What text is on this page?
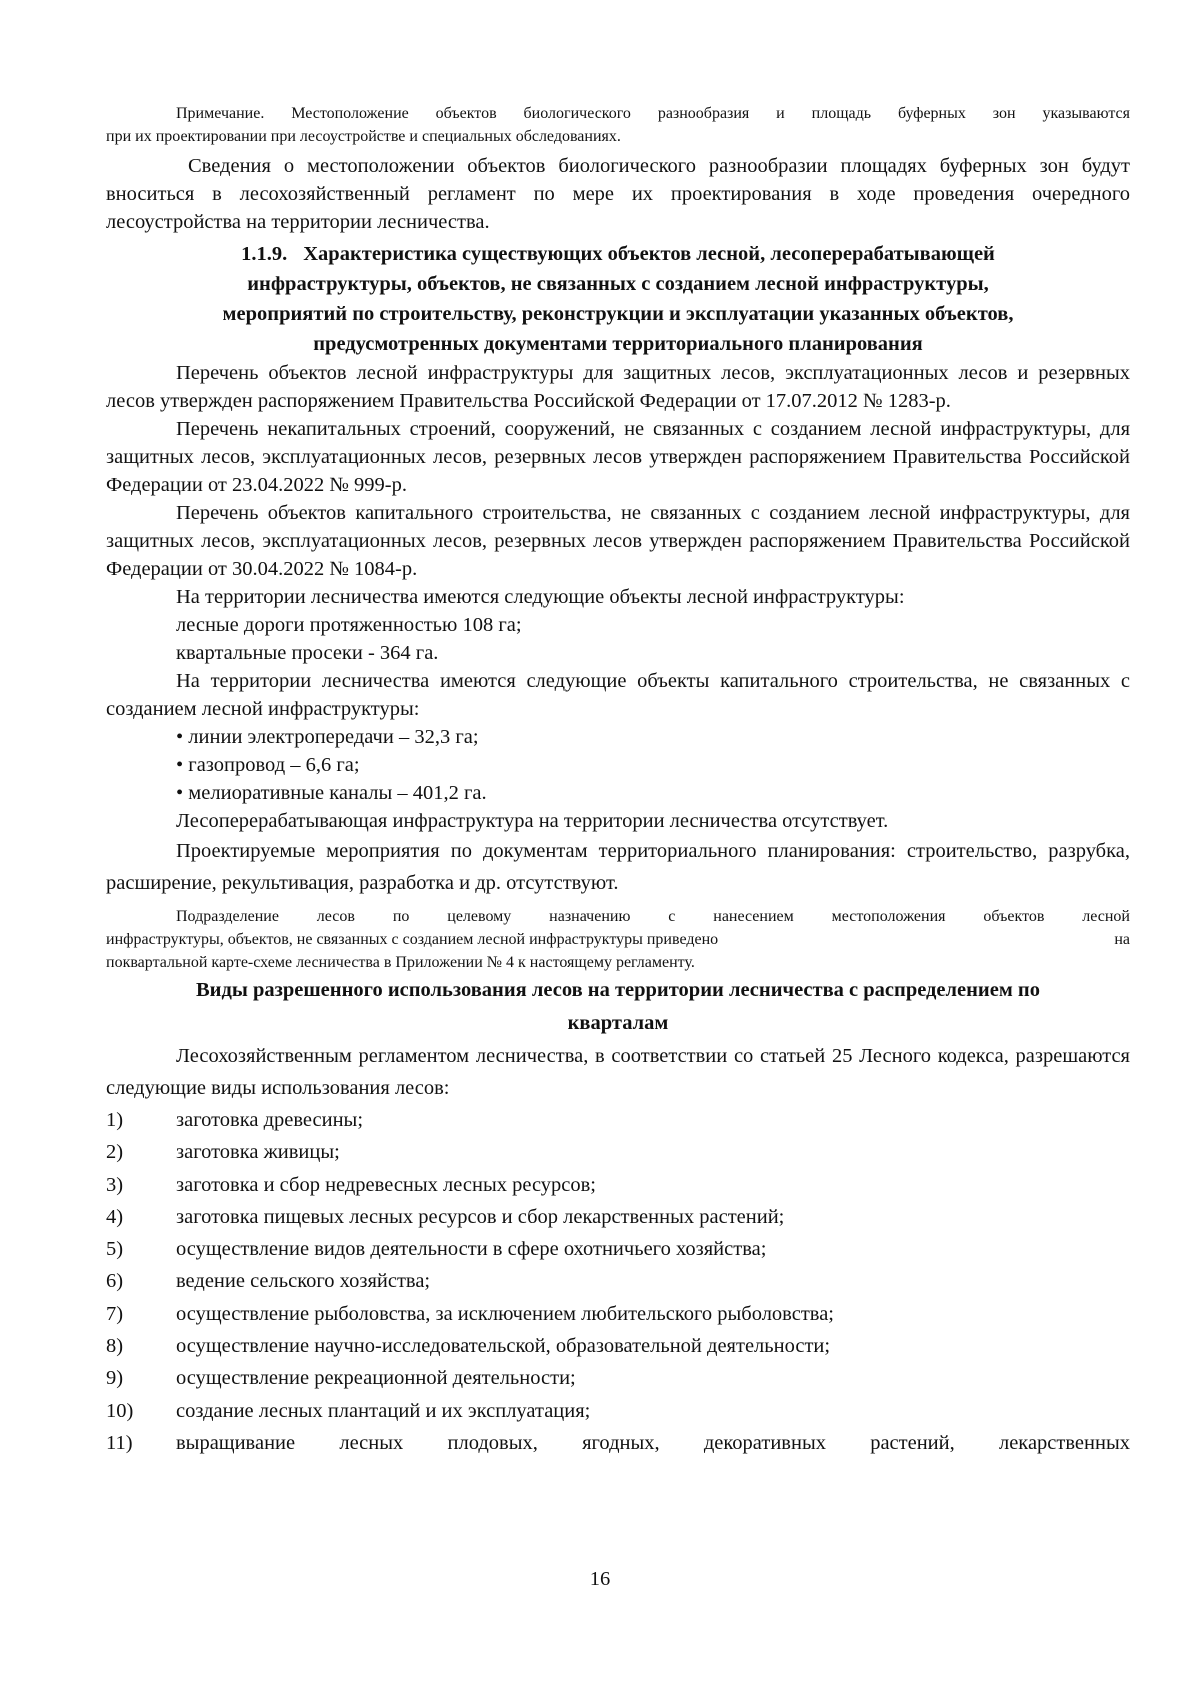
Примечание. Местоположение объектов биологического разнообразия и площадь буферных зон указываются

при их проектировании при лесоустройстве и специальных обследованиях.

Сведения о местоположении объектов биологического разнообразии площадях буферных зон будут вноситься в лесохозяйственный регламент по мере их проектирования в ходе проведения очередного лесоустройства на территории лесничества.

1.1.9. Характеристика существующих объектов лесной, лесоперерабатывающей
инфраструктуры, объектов, не связанных с созданием лесной инфраструктуры,
мероприятий по строительству, реконструкции и эксплуатации указанных объектов,
предусмотренных документами территориального планирования

Перечень объектов лесной инфраструктуры для защитных лесов, эксплуатационных лесов и резервных лесов утвержден распоряжением Правительства Российской Федерации от 17.07.2012 № 1283-р.

Перечень некапитальных строений, сооружений, не связанных с созданием лесной инфраструктуры, для защитных лесов, эксплуатационных лесов, резервных лесов утвержден распоряжением Правительства Российской Федерации от 23.04.2022 № 999-р.

Перечень объектов капитального строительства, не связанных с созданием лесной инфраструктуры, для защитных лесов, эксплуатационных лесов, резервных лесов утвержден распоряжением Правительства Российской Федерации от 30.04.2022 № 1084-р.

На территории лесничества имеются следующие объекты лесной инфраструктуры:

лесные дороги протяженностью 108 га;

квартальные просеки - 364 га.

На территории лесничества имеются следующие объекты капитального строительства, не связанных с созданием лесной инфраструктуры:

• линии электропередачи – 32,3 га;

• газопровод – 6,6 га;

• мелиоративные каналы – 401,2 га.

Лесоперерабатывающая инфраструктура на территории лесничества отсутствует.

Проектируемые мероприятия по документам территориального планирования: строительство, разрубка, расширение, рекультивация, разработка и др. отсутствуют.

Подразделение лесов по целевому назначению с нанесением местоположения объектов лесной

инфраструктуры, объектов, не связанных с созданием лесной инфраструктуры приведено	на

поквартальной карте-схеме лесничества в Приложении № 4 к настоящему регламенту.

Виды разрешенного использования лесов на территории лесничества с распределением по
кварталам

Лесохозяйственным регламентом лесничества, в соответствии со статьей 25 Лесного кодекса, разрешаются следующие виды использования лесов:

1)	заготовка древесины;
2)	заготовка живицы;
3)	заготовка и сбор недревесных лесных ресурсов;
4)	заготовка пищевых лесных ресурсов и сбор лекарственных растений;
5)	осуществление видов деятельности в сфере охотничьего хозяйства;
6)	ведение сельского хозяйства;
7)	осуществление рыболовства, за исключением любительского рыболовства;
8)	осуществление научно-исследовательской, образовательной деятельности;
9)	осуществление рекреационной деятельности;
10) создание лесных плантаций и их эксплуатация;
11) выращивание лесных плодовых, ягодных, декоративных растений, лекарственных
16
